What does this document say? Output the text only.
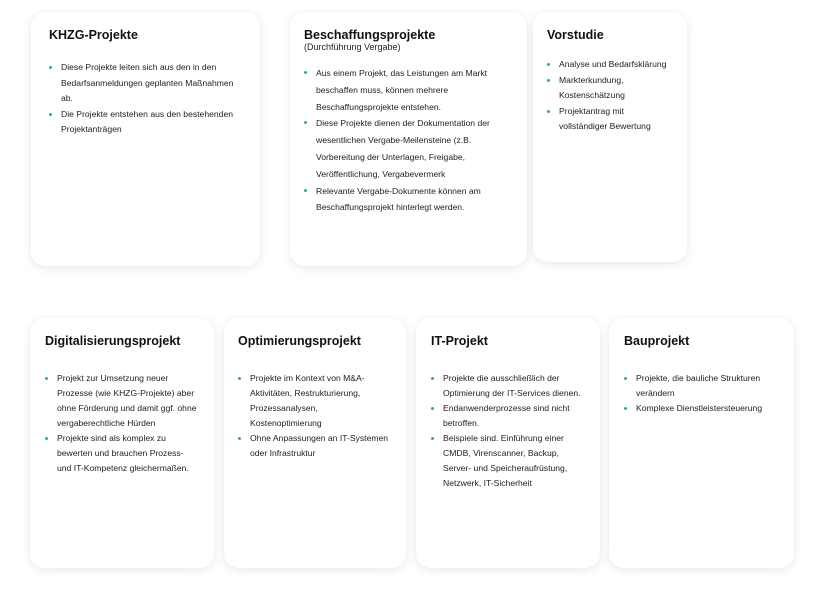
KHZG-Projekte
Diese Projekte leiten sich aus den in den Bedarfsanmeldungen geplanten Maßnahmen ab.
Die Projekte entstehen aus den bestehenden Projektanträgen
Beschaffungsprojekte

(Durchführung Vergabe)

Aus einem Projekt, das Leistungen am Markt beschaffen muss, können mehrere Beschaffungsprojekte entstehen.
Diese Projekte dienen der Dokumentation der wesentlichen Vergabe-Meilensteine (z.B. Vorbereitung der Unterlagen, Freigabe, Veröffentlichung, Vergabevermerk
Relevante Vergabe-Dokumente können am Beschaffungsprojekt hinterlegt werden.
Vorstudie
Analyse und Bedarfsklärung
Markterkundung, Kostenschätzung
Projektantrag mit vollständiger Bewertung
Digitalisierungsprojekt
Projekt zur Umsetzung neuer Prozesse (wie KHZG-Projekte) aber ohne Förderung und damit ggf. ohne vergaberechtliche Hürden
Projekte sind als komplex zu bewerten und brauchen Prozess- und IT-Kompetenz gleichermaßen.
Optimierungsprojekt
Projekte im Kontext von M&A-Aktivitäten, Restrukturierung, Prozessanalysen, Kostenoptimierung
Ohne Anpassungen an IT-Systemen oder Infrastruktur
IT-Projekt
Projekte die ausschließlich der Optimierung der IT-Services dienen.
Endanwenderprozesse sind nicht betroffen.
Beispiele sind. Einführung einer CMDB, Virenscanner, Backup, Server- und Speicheraufrüstung, Netzwerk, IT-Sicherheit
Bauprojekt
Projekte, die bauliche Strukturen verändern
Komplexe Dienstleistersteuerung
